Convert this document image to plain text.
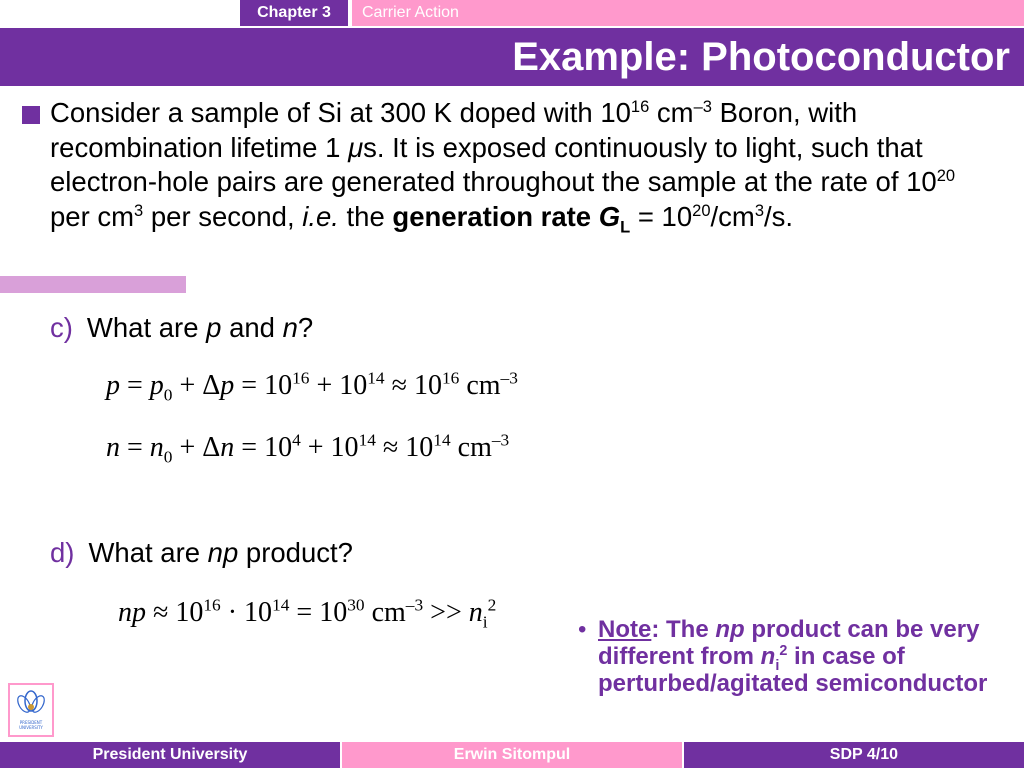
Chapter 3	Carrier Action
Example: Photoconductor
Consider a sample of Si at 300 K doped with $10^{16}$ $cm^{-3}$ Boron, with recombination lifetime 1 μs. It is exposed continuously to light, such that electron-hole pairs are generated throughout the sample at the rate of $10^{20}$ per $cm^3$ per second, i.e. the generation rate $G_L = 10^{20}/cm^3/s$.
c) What are p and n?
$p = p_0 + \Delta p = 10^{16} + 10^{14} \approx 10^{16}$ $cm^{-3}$
$n = n_0 + \Delta n = 10^4 + 10^{14} \approx 10^{14}$ $cm^{-3}$
d) What are np product?
np ≈ $10^{16} \cdot 10^{14} = 10^{30}$ $cm^{-3} >> n_i^2$
• Note: The np product can be very different from $n_i^2$ in case of perturbed/agitated semiconductor
PRESIDENT
UNIVERSITY
President University	Erwin Sitompul	SDP 4/10
